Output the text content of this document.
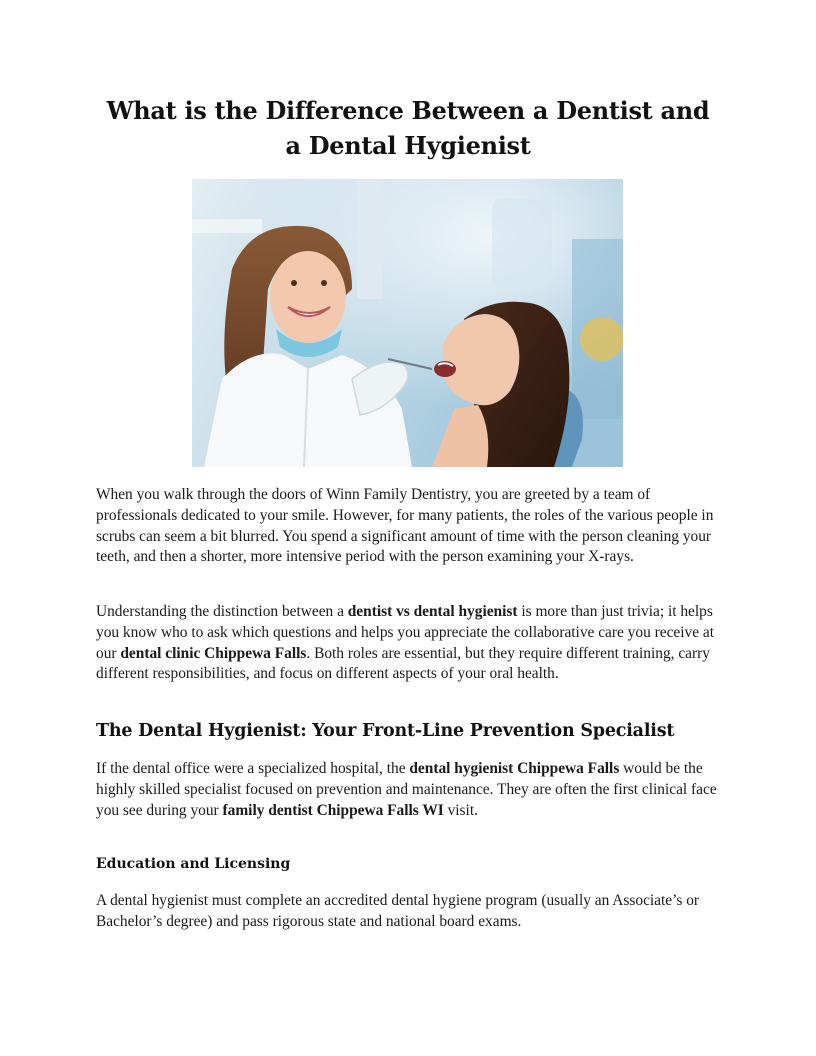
What is the Difference Between a Dentist and
a Dental Hygienist

When you walk through the doors of Winn Family Dentistry, you are greeted by a team of professionals dedicated to your smile. However, for many patients, the roles of the various people in scrubs can seem a bit blurred. You spend a significant amount of time with the person cleaning your teeth, and then a shorter, more intensive period with the person examining your X-rays.

Understanding the distinction between a dentist vs dental hygienist is more than just trivia; it helps you know who to ask which questions and helps you appreciate the collaborative care you receive at our dental clinic Chippewa Falls. Both roles are essential, but they require different training, carry different responsibilities, and focus on different aspects of your oral health.

The Dental Hygienist: Your Front-Line Prevention Specialist

If the dental office were a specialized hospital, the dental hygienist Chippewa Falls would be the highly skilled specialist focused on prevention and maintenance. They are often the first clinical face you see during your family dentist Chippewa Falls WI visit.

Education and Licensing

A dental hygienist must complete an accredited dental hygiene program (usually an Associate’s or Bachelor’s degree) and pass rigorous state and national board exams.
